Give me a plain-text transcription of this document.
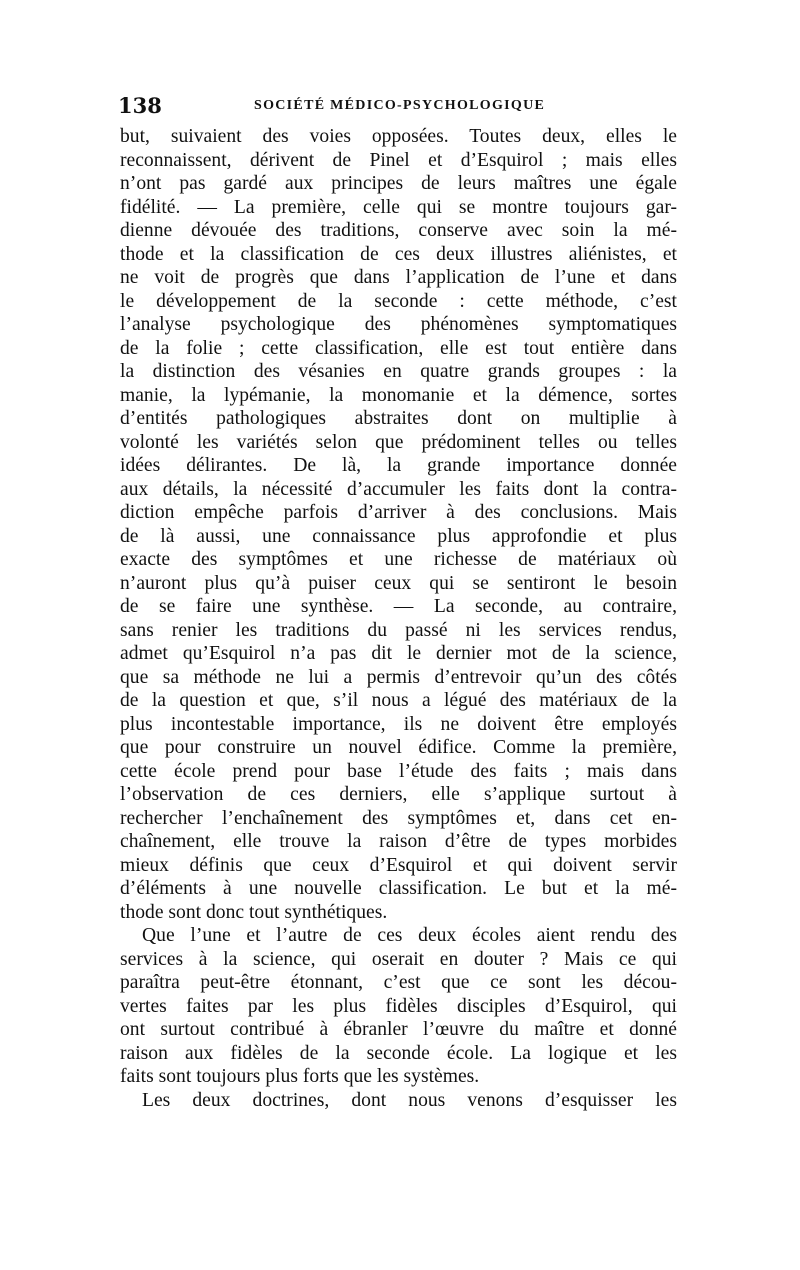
138	SOCIÉTÉ MÉDICO-PSYCHOLOGIQUE
but, suivaient des voies opposées. Toutes deux, elles le
reconnaissent, dérivent de Pinel et d’Esquirol ; mais elles
n’ont pas gardé aux principes de leurs maîtres une égale
fidélité. — La première, celle qui se montre toujours gar-
dienne dévouée des traditions, conserve avec soin la mé-
thode et la classification de ces deux illustres aliénistes, et
ne voit de progrès que dans l’application de l’une et dans
le développement de la seconde : cette méthode, c’est
l’analyse psychologique des phénomènes symptomatiques
de la folie ; cette classification, elle est tout entière dans
la distinction des vésanies en quatre grands groupes : la
manie, la lypémanie, la monomanie et la démence, sortes
d’entités pathologiques abstraites dont on multiplie à
volonté les variétés selon que prédominent telles ou telles
idées délirantes. De là, la grande importance donnée
aux détails, la nécessité d’accumuler les faits dont la contra-
diction empêche parfois d’arriver à des conclusions. Mais
de là aussi, une connaissance plus approfondie et plus
exacte des symptômes et une richesse de matériaux où
n’auront plus qu’à puiser ceux qui se sentiront le besoin
de se faire une synthèse. — La seconde, au contraire,
sans renier les traditions du passé ni les services rendus,
admet qu’Esquirol n’a pas dit le dernier mot de la science,
que sa méthode ne lui a permis d’entrevoir qu’un des côtés
de la question et que, s’il nous a légué des matériaux de la
plus incontestable importance, ils ne doivent être employés
que pour construire un nouvel édifice. Comme la première,
cette école prend pour base l’étude des faits ; mais dans
l’observation de ces derniers, elle s’applique surtout à
rechercher l’enchaînement des symptômes et, dans cet en-
chaînement, elle trouve la raison d’être de types morbides
mieux définis que ceux d’Esquirol et qui doivent servir
d’éléments à une nouvelle classification. Le but et la mé-
thode sont donc tout synthétiques.
Que l’une et l’autre de ces deux écoles aient rendu des
services à la science, qui oserait en douter ? Mais ce qui
paraîtra peut-être étonnant, c’est que ce sont les décou-
vertes faites par les plus fidèles disciples d’Esquirol, qui
ont surtout contribué à ébranler l’œuvre du maître et donné
raison aux fidèles de la seconde école. La logique et les
faits sont toujours plus forts que les systèmes.
Les deux doctrines, dont nous venons d’esquisser les
